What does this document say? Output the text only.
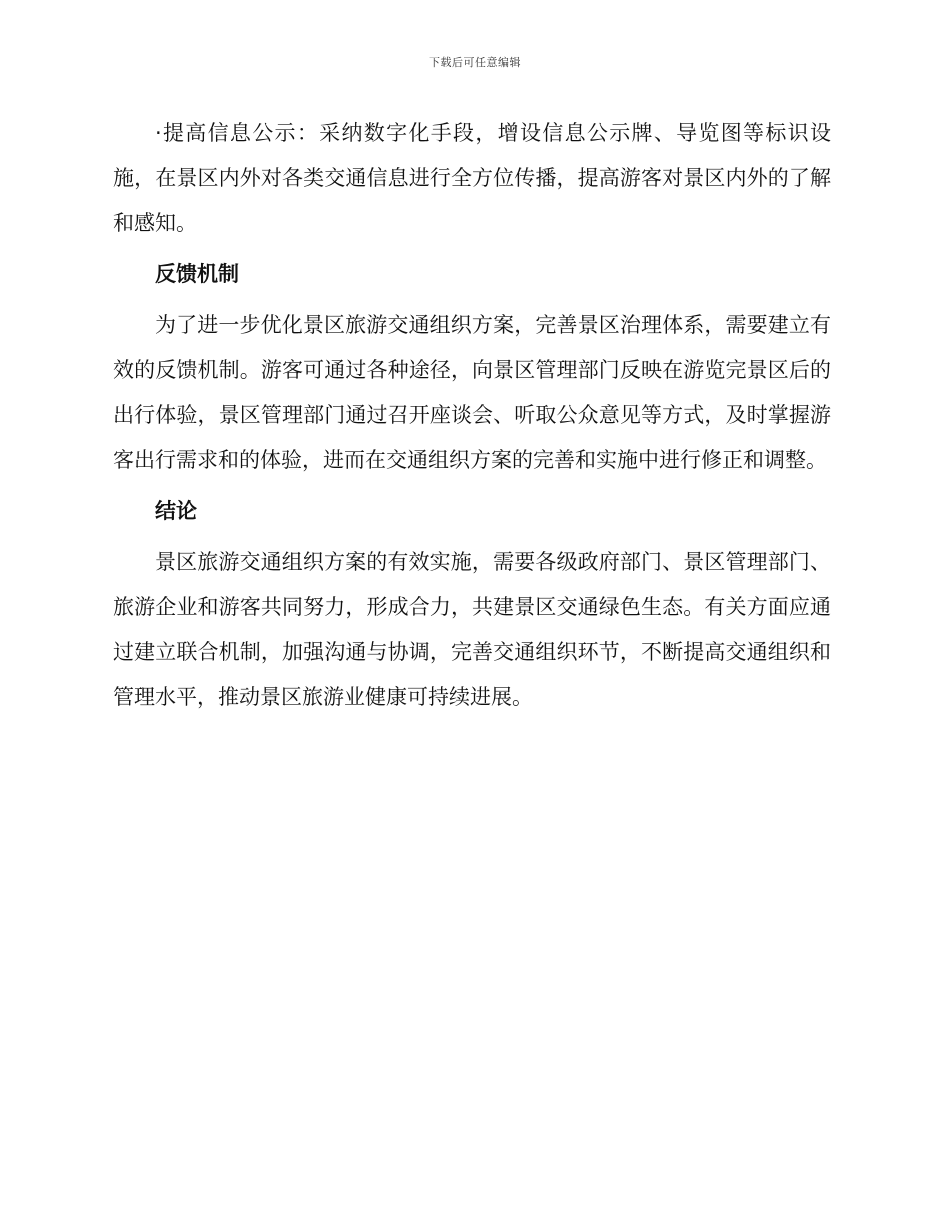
下载后可任意编辑

·提高信息公示：采纳数字化手段，增设信息公示牌、导览图等标识设施，在景区内外对各类交通信息进行全方位传播，提高游客对景区内外的了解和感知。

反馈机制

为了进一步优化景区旅游交通组织方案，完善景区治理体系，需要建立有效的反馈机制。游客可通过各种途径，向景区管理部门反映在游览完景区后的出行体验，景区管理部门通过召开座谈会、听取公众意见等方式，及时掌握游客出行需求和的体验，进而在交通组织方案的完善和实施中进行修正和调整。

结论

景区旅游交通组织方案的有效实施，需要各级政府部门、景区管理部门、旅游企业和游客共同努力，形成合力，共建景区交通绿色生态。有关方面应通过建立联合机制，加强沟通与协调，完善交通组织环节，不断提高交通组织和管理水平，推动景区旅游业健康可持续进展。
